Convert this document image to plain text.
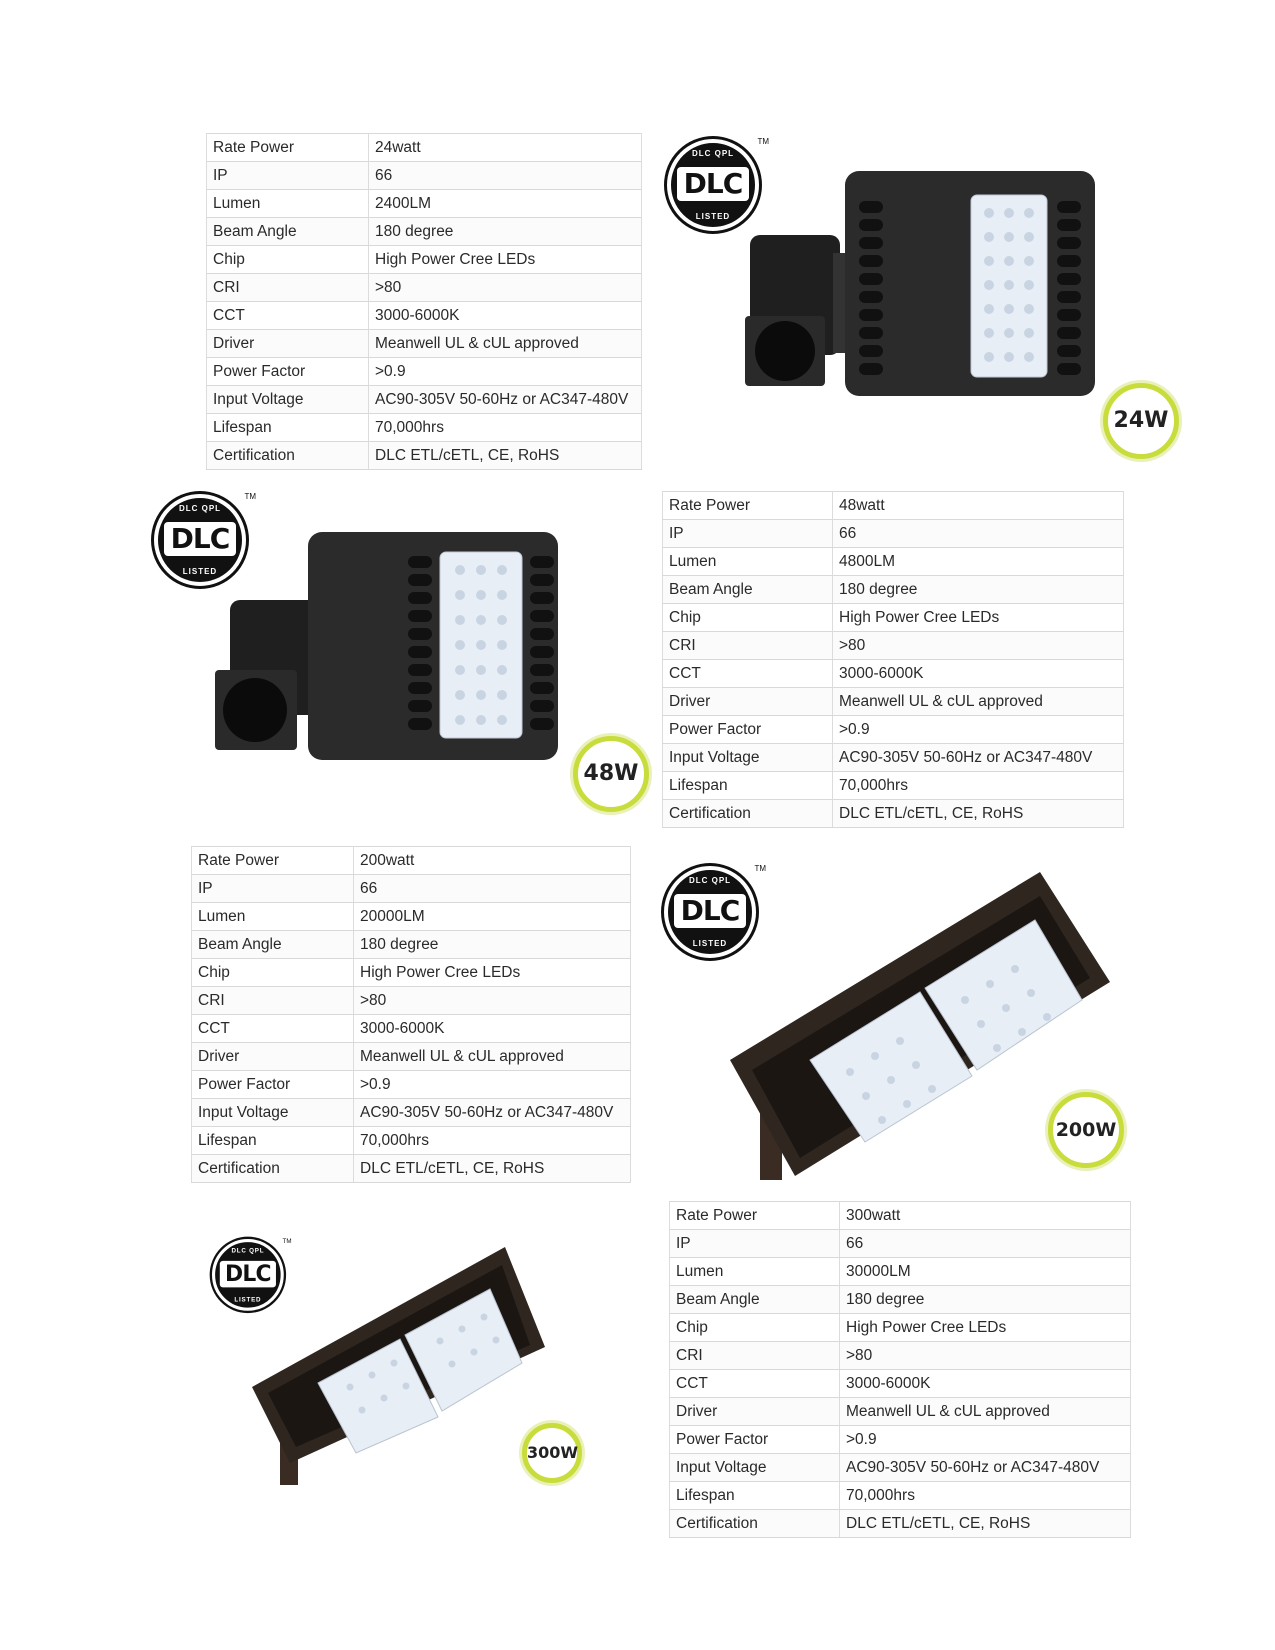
Rate Power	24watt
IP	66
Lumen	2400LM
Beam Angle	180 degree
Chip	High Power Cree LEDs
CRI	>80
CCT	3000-6000K
Driver	Meanwell UL & cUL approved
Power Factor	>0.9
Input Voltage	AC90-305V 50-60Hz or AC347-480V
Lifespan	70,000hrs
Certification	DLC ETL/cETL, CE, RoHS
DLC QPL
DLC
LISTED
TM
24W
DLC QPL
DLC
LISTED
TM
48W
Rate Power	48watt
IP	66
Lumen	4800LM
Beam Angle	180 degree
Chip	High Power Cree LEDs
CRI	>80
CCT	3000-6000K
Driver	Meanwell UL & cUL approved
Power Factor	>0.9
Input Voltage	AC90-305V 50-60Hz or AC347-480V
Lifespan	70,000hrs
Certification	DLC ETL/cETL, CE, RoHS
Rate Power	200watt
IP	66
Lumen	20000LM
Beam Angle	180 degree
Chip	High Power Cree LEDs
CRI	>80
CCT	3000-6000K
Driver	Meanwell UL & cUL approved
Power Factor	>0.9
Input Voltage	AC90-305V 50-60Hz or AC347-480V
Lifespan	70,000hrs
Certification	DLC ETL/cETL, CE, RoHS
DLC QPL
DLC
LISTED
TM
200W
DLC QPL
DLC
LISTED
TM
300W
Rate Power	300watt
IP	66
Lumen	30000LM
Beam Angle	180 degree
Chip	High Power Cree LEDs
CRI	>80
CCT	3000-6000K
Driver	Meanwell UL & cUL approved
Power Factor	>0.9
Input Voltage	AC90-305V 50-60Hz or AC347-480V
Lifespan	70,000hrs
Certification	DLC ETL/cETL, CE, RoHS
